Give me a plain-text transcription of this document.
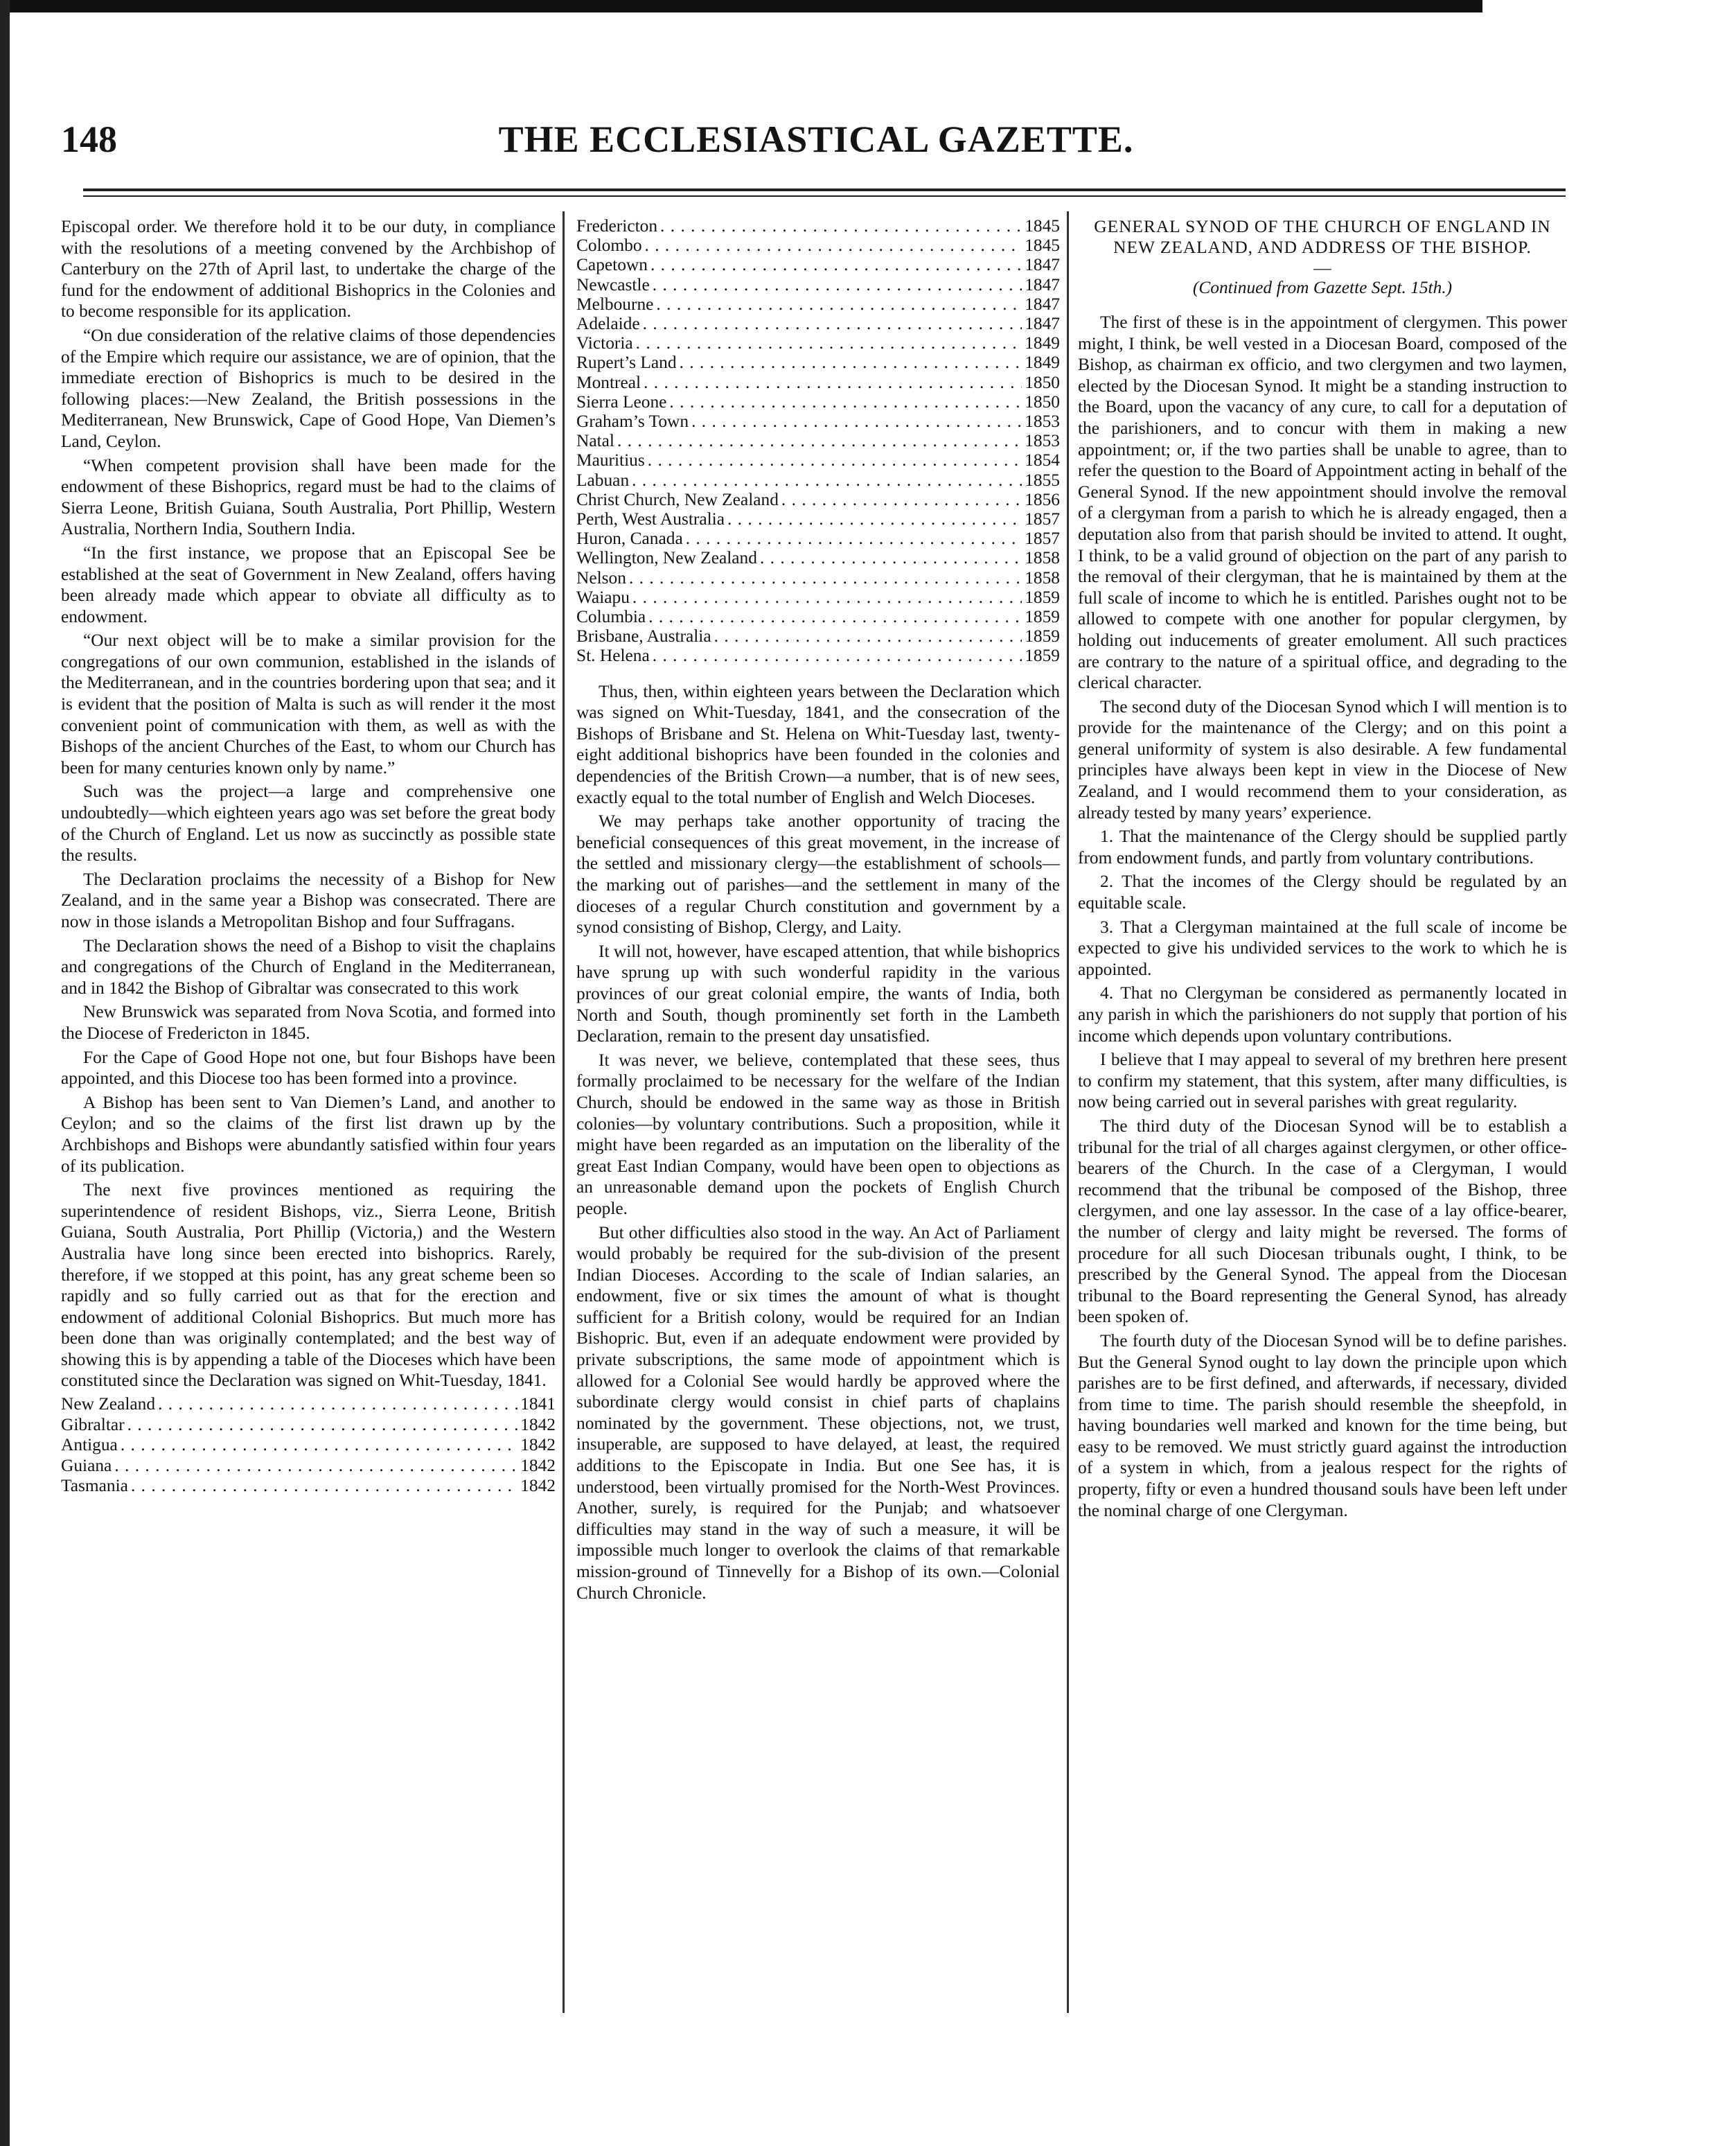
THE ECCLESIASTICAL GAZETTE.
148

Episcopal order. We therefore hold it to be our duty, in compliance with the resolutions of a meeting convened by the Archbishop of Canterbury on the 27th of April last, to undertake the charge of the fund for the endowment of additional Bishoprics in the Colonies and to become responsible for its application.

“On due consideration of the relative claims of those dependencies of the Empire which require our assistance, we are of opinion, that the immediate erection of Bishoprics is much to be desired in the following places:—New Zealand, the British possessions in the Mediterranean, New Brunswick, Cape of Good Hope, Van Diemen’s Land, Ceylon.

“When competent provision shall have been made for the endowment of these Bishoprics, regard must be had to the claims of Sierra Leone, British Guiana, South Australia, Port Phillip, Western Australia, Northern India, Southern India.

“In the first instance, we propose that an Episcopal See be established at the seat of Government in New Zealand, offers having been already made which appear to obviate all difficulty as to endowment.

“Our next object will be to make a similar provision for the congregations of our own communion, established in the islands of the Mediterranean, and in the countries bordering upon that sea; and it is evident that the position of Malta is such as will render it the most convenient point of communication with them, as well as with the Bishops of the ancient Churches of the East, to whom our Church has been for many centuries known only by name.”

Such was the project—a large and comprehensive one undoubtedly—which eighteen years ago was set before the great body of the Church of England. Let us now as succinctly as possible state the results.

The Declaration proclaims the necessity of a Bishop for New Zealand, and in the same year a Bishop was consecrated. There are now in those islands a Metropolitan Bishop and four Suffragans.

The Declaration shows the need of a Bishop to visit the chaplains and congregations of the Church of England in the Mediterranean, and in 1842 the Bishop of Gibraltar was consecrated to this work

New Brunswick was separated from Nova Scotia, and formed into the Diocese of Fredericton in 1845.

For the Cape of Good Hope not one, but four Bishops have been appointed, and this Diocese too has been formed into a province.

A Bishop has been sent to Van Diemen’s Land, and another to Ceylon; and so the claims of the first list drawn up by the Archbishops and Bishops were abundantly satisfied within four years of its publication.

The next five provinces mentioned as requiring the superintendence of resident Bishops, viz., Sierra Leone, British Guiana, South Australia, Port Phillip (Victoria,) and the Western Australia have long since been erected into bishoprics. Rarely, therefore, if we stopped at this point, has any great scheme been so rapidly and so fully carried out as that for the erection and endowment of additional Colonial Bishoprics. But much more has been done than was originally contemplated; and the best way of showing this is by appending a table of the Dioceses which have been constituted since the Declaration was signed on Whit-Tuesday, 1841.

New Zealand . . .	1841
Gibraltar . . .	1842
Antigua . . .	1842
Guiana . . .	1842
Tasmania . . .	1842
Fredericton . . .	1845
Colombo . . .	1845
Capetown . . .	1847
Newcastle . . .	1847
Melbourne . . .	1847
Adelaide . . .	1847
Victoria . . .	1849
Rupert’s Land . . .	1849
Montreal . . .	1850
Sierra Leone . . .	1850
Graham’s Town . . .	1853
Natal . . .	1853
Mauritius . . .	1854
Labuan . . .	1855
Christ Church, New Zealand . . .	1856
Perth, West Australia . . .	1857
Huron, Canada . . .	1857
Wellington, New Zealand . . .	1858
Nelson . . .	1858
Waiapu . . .	1859
Columbia . . .	1859
Brisbane, Australia . . .	1859
St. Helena . . .	1859

Thus, then, within eighteen years between the Declaration which was signed on Whit-Tuesday, 1841, and the consecration of the Bishops of Brisbane and St. Helena on Whit-Tuesday last, twenty-eight additional bishoprics have been founded in the colonies and dependencies of the British Crown—a number, that is of new sees, exactly equal to the total number of English and Welch Dioceses.

We may perhaps take another opportunity of tracing the beneficial consequences of this great movement, in the increase of the settled and missionary clergy—the establishment of schools—the marking out of parishes—and the settlement in many of the dioceses of a regular Church constitution and government by a synod consisting of Bishop, Clergy, and Laity.

It will not, however, have escaped attention, that while bishoprics have sprung up with such wonderful rapidity in the various provinces of our great colonial empire, the wants of India, both North and South, though prominently set forth in the Lambeth Declaration, remain to the present day unsatisfied.

It was never, we believe, contemplated that these sees, thus formally proclaimed to be necessary for the welfare of the Indian Church, should be endowed in the same way as those in British colonies—by voluntary contributions. Such a proposition, while it might have been regarded as an imputation on the liberality of the great East Indian Company, would have been open to objections as an unreasonable demand upon the pockets of English Church people.

But other difficulties also stood in the way. An Act of Parliament would probably be required for the sub-division of the present Indian Dioceses. According to the scale of Indian salaries, an endowment, five or six times the amount of what is thought sufficient for a British colony, would be required for an Indian Bishopric. But, even if an adequate endowment were provided by private subscriptions, the same mode of appointment which is allowed for a Colonial See would hardly be approved where the subordinate clergy would consist in chief parts of chaplains nominated by the government. These objections, not, we trust, insuperable, are supposed to have delayed, at least, the required additions to the Episcopate in India. But one See has, it is understood, been virtually promised for the North-West Provinces. Another, surely, is required for the Punjab; and whatsoever difficulties may stand in the way of such a measure, it will be impossible much longer to overlook the claims of that remarkable mission-ground of Tinnevelly for a Bishop of its own.—Colonial Church Chronicle.

GENERAL SYNOD OF THE CHURCH OF ENGLAND IN NEW ZEALAND, AND ADDRESS OF THE BISHOP.
—
(Continued from Gazette Sept. 15th.)

The first of these is in the appointment of clergymen. This power might, I think, be well vested in a Diocesan Board, composed of the Bishop, as chairman ex officio, and two clergymen and two laymen, elected by the Diocesan Synod. It might be a standing instruction to the Board, upon the vacancy of any cure, to call for a deputation of the parishioners, and to concur with them in making a new appointment; or, if the two parties shall be unable to agree, than to refer the question to the Board of Appointment acting in behalf of the General Synod. If the new appointment should involve the removal of a clergyman from a parish to which he is already engaged, then a deputation also from that parish should be invited to attend. It ought, I think, to be a valid ground of objection on the part of any parish to the removal of their clergyman, that he is maintained by them at the full scale of income to which he is entitled. Parishes ought not to be allowed to compete with one another for popular clergymen, by holding out inducements of greater emolument. All such practices are contrary to the nature of a spiritual office, and degrading to the clerical character.

The second duty of the Diocesan Synod which I will mention is to provide for the maintenance of the Clergy; and on this point a general uniformity of system is also desirable. A few fundamental principles have always been kept in view in the Diocese of New Zealand, and I would recommend them to your consideration, as already tested by many years’ experience.

1. That the maintenance of the Clergy should be supplied partly from endowment funds, and partly from voluntary contributions.

2. That the incomes of the Clergy should be regulated by an equitable scale.

3. That a Clergyman maintained at the full scale of income be expected to give his undivided services to the work to which he is appointed.

4. That no Clergyman be considered as permanently located in any parish in which the parishioners do not supply that portion of his income which depends upon voluntary contributions.

I believe that I may appeal to several of my brethren here present to confirm my statement, that this system, after many difficulties, is now being carried out in several parishes with great regularity.

The third duty of the Diocesan Synod will be to establish a tribunal for the trial of all charges against clergymen, or other office-bearers of the Church. In the case of a Clergyman, I would recommend that the tribunal be composed of the Bishop, three clergymen, and one lay assessor. In the case of a lay office-bearer, the number of clergy and laity might be reversed. The forms of procedure for all such Diocesan tribunals ought, I think, to be prescribed by the General Synod. The appeal from the Diocesan tribunal to the Board representing the General Synod, has already been spoken of.

The fourth duty of the Diocesan Synod will be to define parishes. But the General Synod ought to lay down the principle upon which parishes are to be first defined, and afterwards, if necessary, divided from time to time. The parish should resemble the sheepfold, in having boundaries well marked and known for the time being, but easy to be removed. We must strictly guard against the introduction of a system in which, from a jealous respect for the rights of property, fifty or even a hundred thousand souls have been left under the nominal charge of one Clergyman.
